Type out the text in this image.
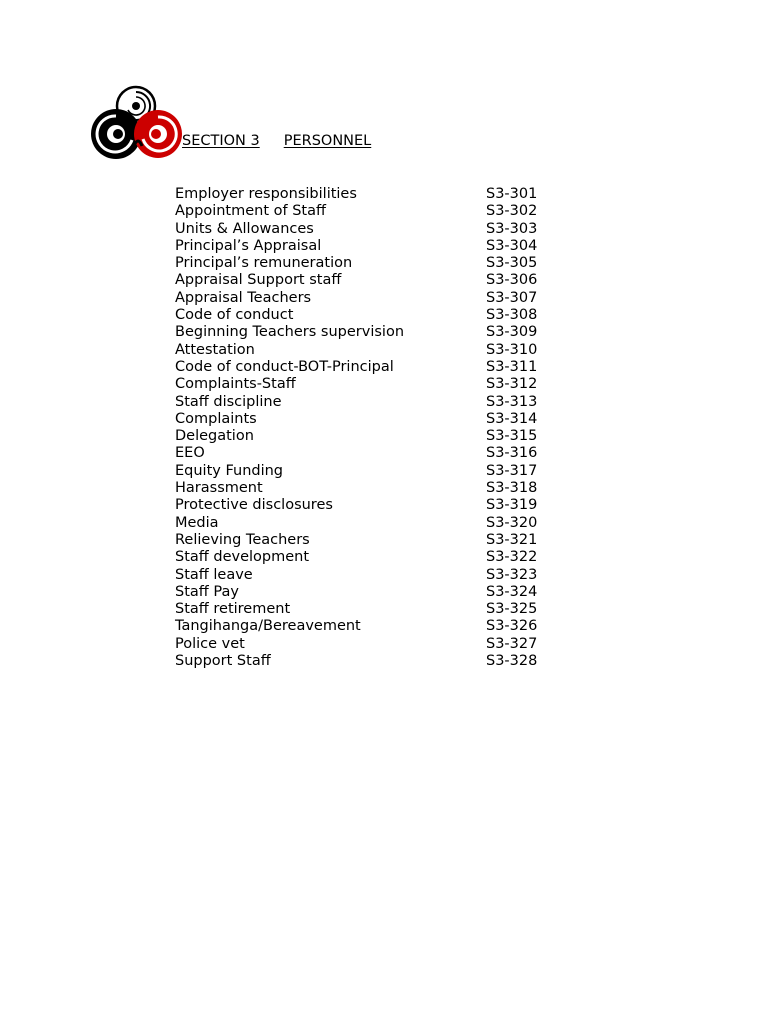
SECTION 3 PERSONNEL
Employer responsibilities	S3-301
Appointment of Staff	S3-302
Units & Allowances	S3-303
Principal’s Appraisal	S3-304
Principal’s remuneration	S3-305
Appraisal Support staff	S3-306
Appraisal Teachers	S3-307
Code of conduct	S3-308
Beginning Teachers supervision	S3-309
Attestation	S3-310
Code of conduct-BOT-Principal	S3-311
Complaints-Staff	S3-312
Staff discipline	S3-313
Complaints	S3-314
Delegation	S3-315
EEO	S3-316
Equity Funding	S3-317
Harassment	S3-318
Protective disclosures	S3-319
Media	S3-320
Relieving Teachers	S3-321
Staff development	S3-322
Staff leave	S3-323
Staff Pay	S3-324
Staff retirement	S3-325
Tangihanga/Bereavement	S3-326
Police vet	S3-327
Support Staff	S3-328
